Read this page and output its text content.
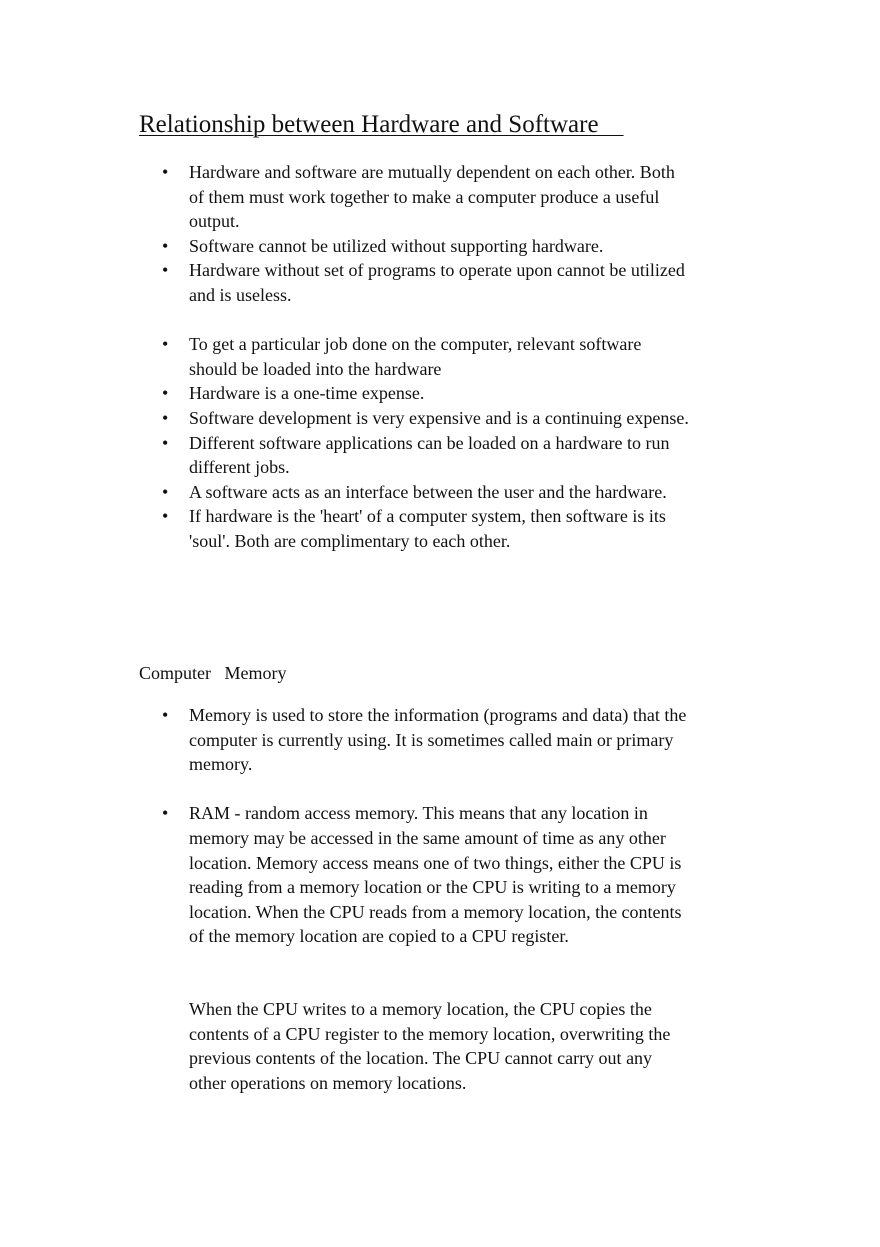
Relationship between Hardware and Software
• Hardware and software are mutually dependent on each other. Both of them must work together to make a computer produce a useful output.
• Software cannot be utilized without supporting hardware.
• Hardware without set of programs to operate upon cannot be utilized and is useless.
• To get a particular job done on the computer, relevant software should be loaded into the hardware
• Hardware is a one-time expense.
• Software development is very expensive and is a continuing expense.
• Different software applications can be loaded on a hardware to run different jobs.
• A software acts as an interface between the user and the hardware.
• If hardware is the 'heart' of a computer system, then software is its 'soul'. Both are complimentary to each other.
Computer   Memory
• Memory is used to store the information (programs and data) that the computer is currently using. It is sometimes called main or primary memory.
• RAM - random access memory. This means that any location in memory may be accessed in the same amount of time as any other location. Memory access means one of two things, either the CPU is reading from a memory location or the CPU is writing to a memory location. When the CPU reads from a memory location, the contents of the memory location are copied to a CPU register.

When the CPU writes to a memory location, the CPU copies the contents of a CPU register to the memory location, overwriting the previous contents of the location. The CPU cannot carry out any other operations on memory locations.
